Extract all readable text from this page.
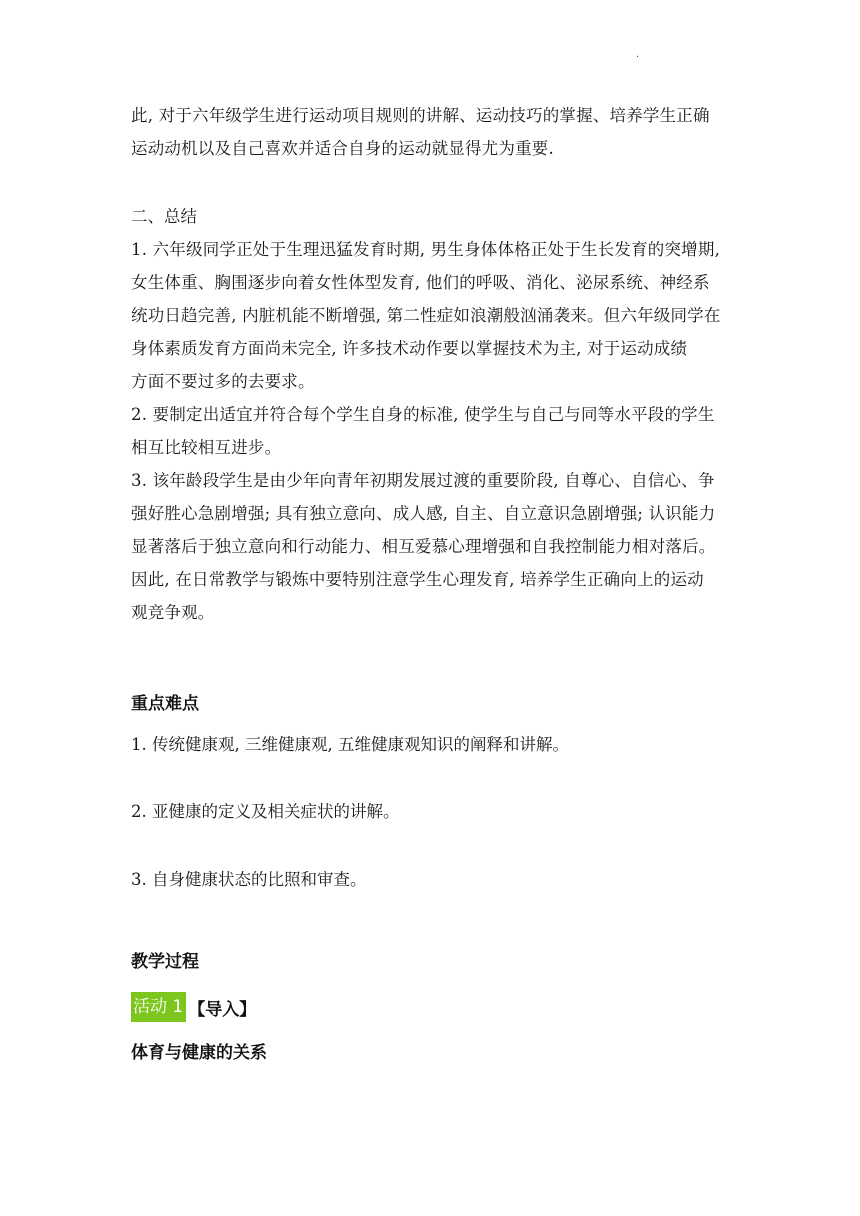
·
此, 对于六年级学生进行运动项目规则的讲解、运动技巧的掌握、培养学生正确
运动动机以及自己喜欢并适合自身的运动就显得尤为重要.
二、总结
1. 六年级同学正处于生理迅猛发育时期, 男生身体体格正处于生长发育的突增期,
女生体重、胸围逐步向着女性体型发育, 他们的呼吸、消化、泌尿系统、神经系
统功日趋完善, 内脏机能不断增强, 第二性症如浪潮般汹涌袭来。但六年级同学在
身体素质发育方面尚未完全, 许多技术动作要以掌握技术为主, 对于运动成绩
方面不要过多的去要求。
2. 要制定出适宜并符合每个学生自身的标准, 使学生与自己与同等水平段的学生
相互比较相互进步。
3. 该年龄段学生是由少年向青年初期发展过渡的重要阶段, 自尊心、自信心、争
强好胜心急剧增强; 具有独立意向、成人感, 自主、自立意识急剧增强; 认识能力
显著落后于独立意向和行动能力、相互爱慕心理增强和自我控制能力相对落后。
因此, 在日常教学与锻炼中要特别注意学生心理发育, 培养学生正确向上的运动
观竞争观。
重点难点
1. 传统健康观, 三维健康观, 五维健康观知识的阐释和讲解。
2. 亚健康的定义及相关症状的讲解。
3. 自身健康状态的比照和审查。
教学过程
活动 1 【导入】
体育与健康的关系
